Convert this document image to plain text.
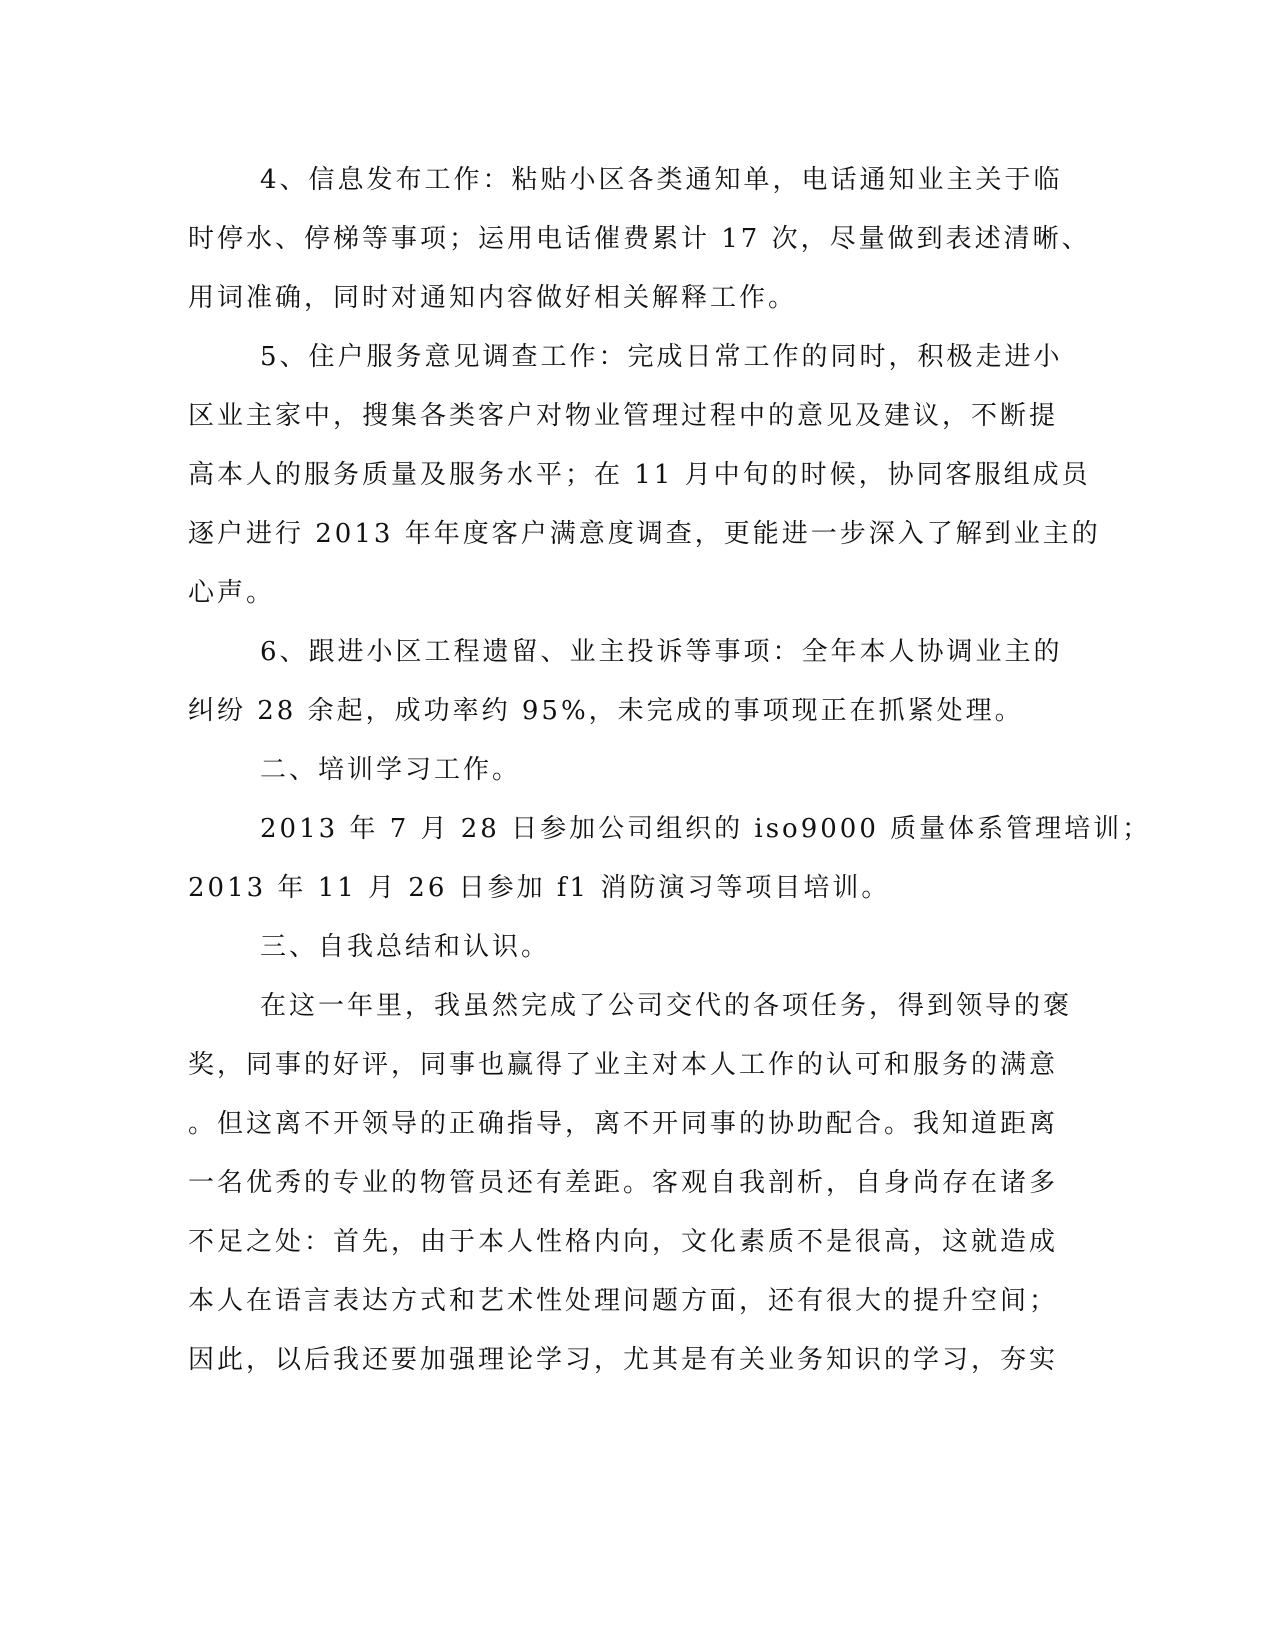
4、信息发布工作：粘贴小区各类通知单，电话通知业主关于临
时停水、停梯等事项；运用电话催费累计 17 次，尽量做到表述清晰、
用词准确，同时对通知内容做好相关解释工作。
5、住户服务意见调查工作：完成日常工作的同时，积极走进小
区业主家中，搜集各类客户对物业管理过程中的意见及建议，不断提
高本人的服务质量及服务水平；在 11 月中旬的时候，协同客服组成员
逐户进行 2013 年年度客户满意度调查，更能进一步深入了解到业主的
心声。
6、跟进小区工程遗留、业主投诉等事项：全年本人协调业主的
纠纷 28 余起，成功率约 95%，未完成的事项现正在抓紧处理。
二、培训学习工作。
2013 年 7 月 28 日参加公司组织的 iso9000 质量体系管理培训；
2013 年 11 月 26 日参加 f1 消防演习等项目培训。
三、自我总结和认识。
在这一年里，我虽然完成了公司交代的各项任务，得到领导的褒
奖，同事的好评，同事也赢得了业主对本人工作的认可和服务的满意
。但这离不开领导的正确指导，离不开同事的协助配合。我知道距离
一名优秀的专业的物管员还有差距。客观自我剖析，自身尚存在诸多
不足之处：首先，由于本人性格内向，文化素质不是很高，这就造成
本人在语言表达方式和艺术性处理问题方面，还有很大的提升空间；
因此，以后我还要加强理论学习，尤其是有关业务知识的学习，夯实
